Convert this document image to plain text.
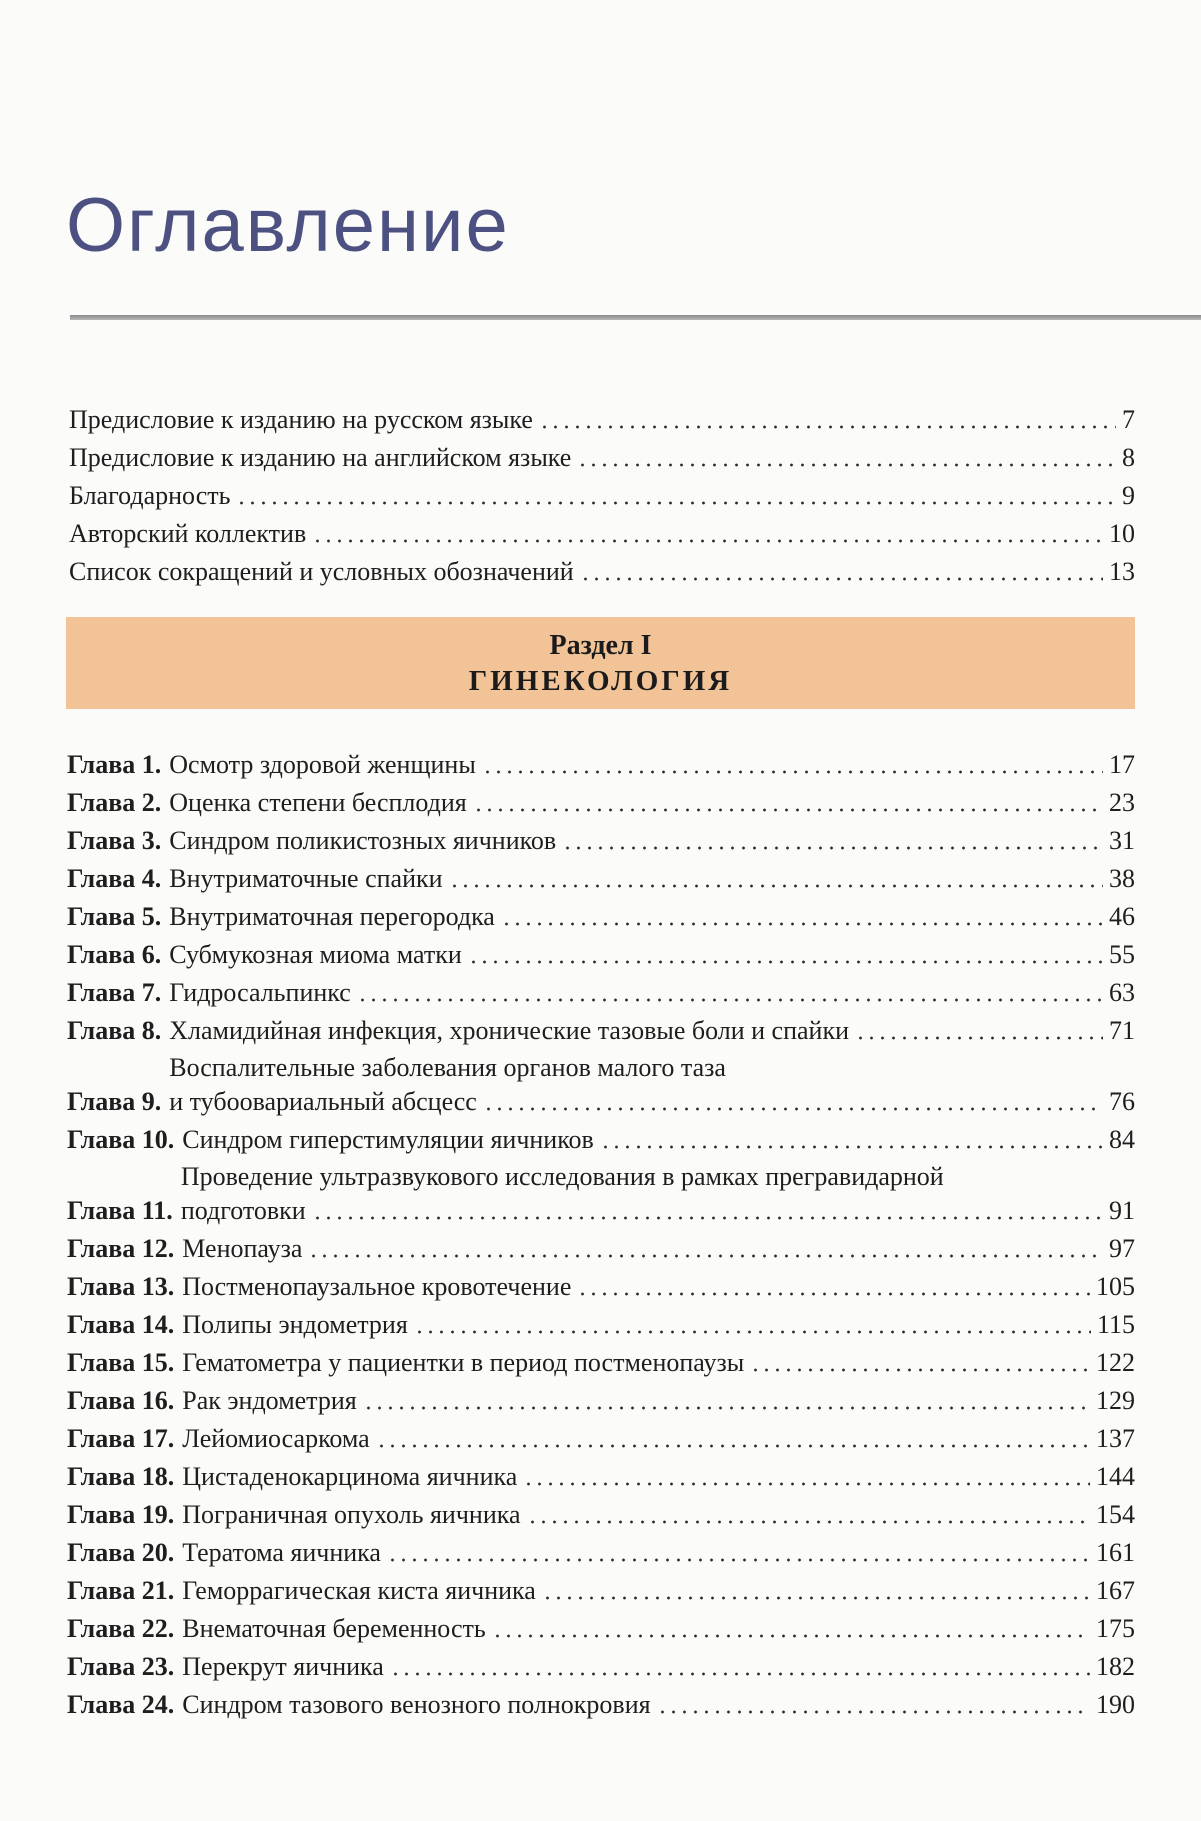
Оглавление
Предисловие к изданию на русском языке	7
Предисловие к изданию на английском языке	8
Благодарность	9
Авторский коллектив	10
Список сокращений и условных обозначений	13
Раздел I
ГИНЕКОЛОГИЯ
Глава 1. Осмотр здоровой женщины	17
Глава 2. Оценка степени бесплодия	23
Глава 3. Синдром поликистозных яичников	31
Глава 4. Внутриматочные спайки	38
Глава 5. Внутриматочная перегородка	46
Глава 6. Субмукозная миома матки	55
Глава 7. Гидросальпинкс	63
Глава 8. Хламидийная инфекция, хронические тазовые боли и спайки	71
Глава 9.
Воспалительные заболевания органов малого таза
и тубоовариальный абсцесс	76
Глава 10. Синдром гиперстимуляции яичников	84
Глава 11.
Проведение ультразвукового исследования в рамках прегравидарной
подготовки	91
Глава 12. Менопауза	97
Глава 13. Постменопаузальное кровотечение	105
Глава 14. Полипы эндометрия	115
Глава 15. Гематометра у пациентки в период постменопаузы	122
Глава 16. Рак эндометрия	129
Глава 17. Лейомиосаркома	137
Глава 18. Цистаденокарцинома яичника	144
Глава 19. Пограничная опухоль яичника	154
Глава 20. Тератома яичника	161
Глава 21. Геморрагическая киста яичника	167
Глава 22. Внематочная беременность	175
Глава 23. Перекрут яичника	182
Глава 24. Синдром тазового венозного полнокровия	190
